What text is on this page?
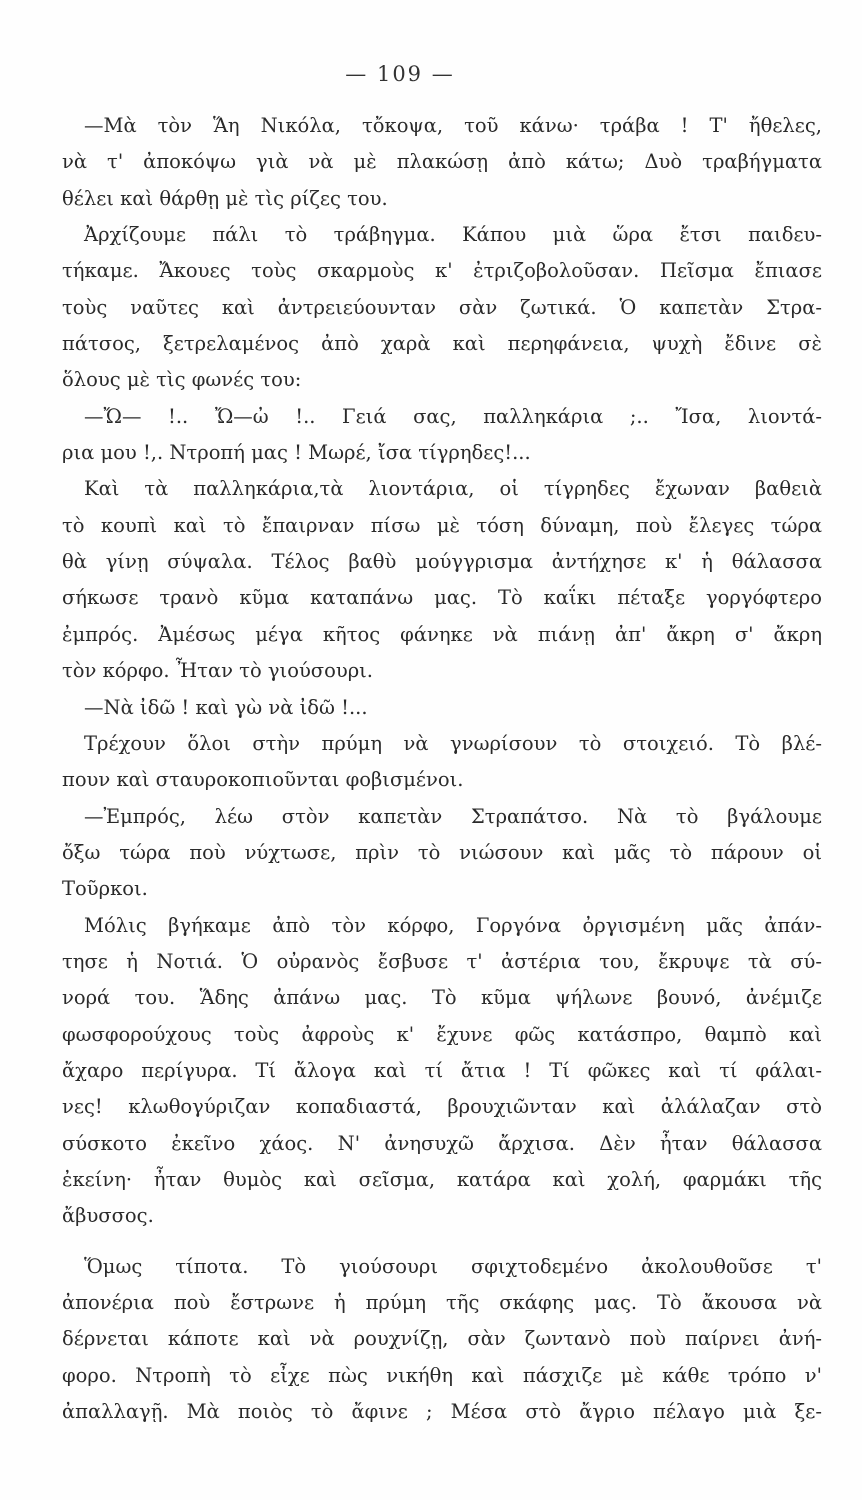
— 109 —
—Μὰ τὸν Ἅη Νικόλα, τὄκοψα, τοῦ κάνω· τράβα ! Τ' ἤθελες,
νὰ τ' ἀποκόψω γιὰ νὰ μὲ πλακώσῃ ἀπὸ κάτω; Δυὸ τραβήγματα
θέλει καὶ θάρθῃ μὲ τὶς ρίζες του.
Ἀρχίζουμε πάλι τὸ τράβηγμα. Κάπου μιὰ ὥρα ἔτσι παιδευ-
τήκαμε. Ἄκουες τοὺς σκαρμοὺς κ' ἐτριζοβολοῦσαν. Πεῖσμα ἔπιασε
τοὺς ναῦτες καὶ ἀντρειεύουνταν σὰν ζωτικά. Ὁ καπετὰν Στρα-
πάτσος, ξετρελαμένος ἀπὸ χαρὰ καὶ περηφάνεια, ψυχὴ ἔδινε σὲ
ὅλους μὲ τὶς φωνές του:
—Ὤ— !.. Ὤ—ὠ !.. Γειά σας, παλληκάρια ;.. Ἴσα, λιοντά-
ρια μου !,. Ντροπή μας ! Μωρέ, ἴσα τίγρηδες!...
Καὶ τὰ παλληκάρια,τὰ λιοντάρια, οἱ τίγρηδες ἔχωναν βαθειὰ
τὸ κουπὶ καὶ τὸ ἔπαιρναν πίσω μὲ τόση δύναμη, ποὺ ἔλεγες τώρα
θὰ γίνῃ σύψαλα. Τέλος βαθὺ μούγγρισμα ἀντήχησε κ' ἡ θάλασσα
σήκωσε τρανὸ κῦμα καταπάνω μας. Τὸ καΐκι πέταξε γοργόφτερο
ἐμπρός. Ἀμέσως μέγα κῆτος φάνηκε νὰ πιάνῃ ἀπ' ἄκρη σ' ἄκρη
τὸν κόρφο. Ἦταν τὸ γιούσουρι.
—Νὰ ἰδῶ ! καὶ γὼ νὰ ἰδῶ !...
Τρέχουν ὅλοι στὴν πρύμη νὰ γνωρίσουν τὸ στοιχειό. Τὸ βλέ-
πουν καὶ σταυροκοπιοῦνται φοβισμένοι.
—Ἐμπρός, λέω στὸν καπετὰν Στραπάτσο. Νὰ τὸ βγάλουμε
ὄξω τώρα ποὺ νύχτωσε, πρὶν τὸ νιώσουν καὶ μᾶς τὸ πάρουν οἱ
Τοῦρκοι.
Μόλις βγήκαμε ἀπὸ τὸν κόρφο, Γοργόνα ὀργισμένη μᾶς ἀπάν-
τησε ἡ Νοτιά. Ὁ οὐρανὸς ἔσβυσε τ' ἀστέρια του, ἔκρυψε τὰ σύ-
νορά του. Ἅδης ἀπάνω μας. Τὸ κῦμα ψήλωνε βουνό, ἀνέμιζε
φωσφορούχους τοὺς ἀφροὺς κ' ἔχυνε φῶς κατάσπρο, θαμπὸ καὶ
ἄχαρο περίγυρα. Τί ἄλογα καὶ τί ἄτια ! Τί φῶκες καὶ τί φάλαι-
νες! κλωθογύριζαν κοπαδιαστά, βρουχιῶνταν καὶ ἀλάλαζαν στὸ
σύσκοτο ἐκεῖνο χάος. Ν' ἀνησυχῶ ἄρχισα. Δὲν ἦταν θάλασσα
ἐκείνη· ἦταν θυμὸς καὶ σεῖσμα, κατάρα καὶ χολή, φαρμάκι τῆς
ἄβυσσος.
Ὅμως τίποτα. Τὸ γιούσουρι σφιχτοδεμένο ἀκολουθοῦσε τ'
ἀπονέρια ποὺ ἔστρωνε ἡ πρύμη τῆς σκάφης μας. Τὸ ἄκουσα νὰ
δέρνεται κάποτε καὶ νὰ ρουχνίζῃ, σὰν ζωντανὸ ποὺ παίρνει ἀνή-
φορο. Ντροπὴ τὸ εἶχε πὼς νικήθη καὶ πάσχιζε μὲ κάθε τρόπο ν'
ἀπαλλαγῇ. Μὰ ποιὸς τὸ ἄφινε ; Μέσα στὸ ἄγριο πέλαγο μιὰ ξε-
